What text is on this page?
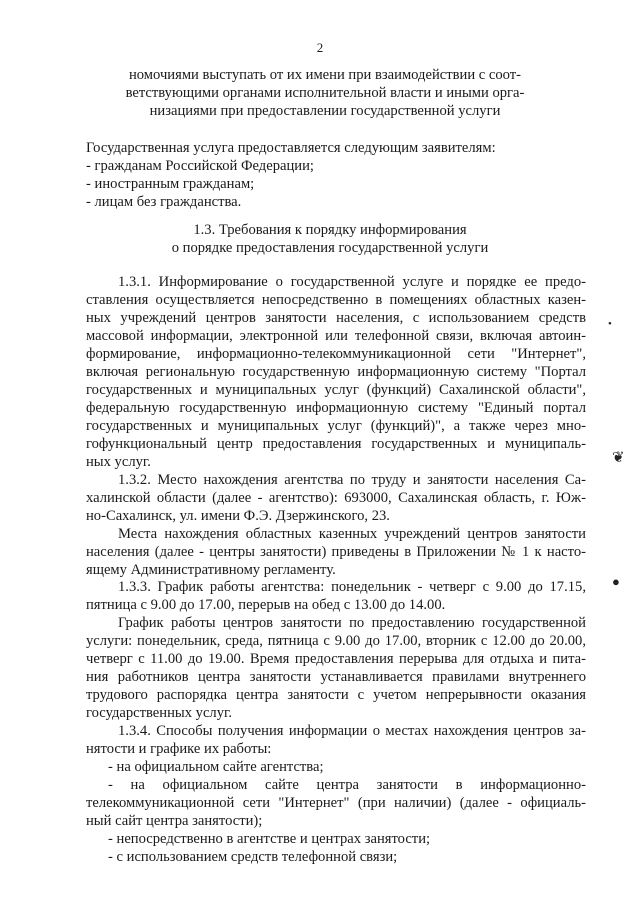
2
номочиями выступать от их имени при взаимодействии с соот-
ветствующими органами исполнительной власти и иными орга-
низациями при предоставлении государственной услуги
Государственная услуга предоставляется следующим заявителям:
- гражданам Российской Федерации;
- иностранным гражданам;
- лицам без гражданства.
1.3. Требования к порядку информирования
о порядке предоставления государственной услуги
1.3.1. Информирование о государственной услуге и порядке ее предо-
ставления осуществляется непосредственно в помещениях областных казен-
ных учреждений центров занятости населения, с использованием средств
массовой информации, электронной или телефонной связи, включая автоин-
формирование, информационно-телекоммуникационной сети "Интернет",
включая региональную государственную информационную систему "Портал
государственных и муниципальных услуг (функций) Сахалинской области",
федеральную государственную информационную систему "Единый портал
государственных и муниципальных услуг (функций)", а также через мно-
гофункциональный центр предоставления государственных и муниципаль-
ных услуг.
1.3.2. Место нахождения агентства по труду и занятости населения Са-
халинской области (далее - агентство): 693000, Сахалинская область, г. Юж-
но-Сахалинск, ул. имени Ф.Э. Дзержинского, 23.
Места нахождения областных казенных учреждений центров занятости
населения (далее - центры занятости) приведены в Приложении № 1 к насто-
ящему Административному регламенту.
1.3.3. График работы агентства: понедельник - четверг с 9.00 до 17.15,
пятница с 9.00 до 17.00, перерыв на обед с 13.00 до 14.00.
График работы центров занятости по предоставлению государственной
услуги: понедельник, среда, пятница с 9.00 до 17.00, вторник с 12.00 до 20.00,
четверг с 11.00 до 19.00. Время предоставления перерыва для отдыха и пита-
ния работников центра занятости устанавливается правилами внутреннего
трудового распорядка центра занятости с учетом непрерывности оказания
государственных услуг.
1.3.4. Способы получения информации о местах нахождения центров за-
нятости и графике их работы:
- на официальном сайте агентства;
- на официальном сайте центра занятости в информационно-
телекоммуникационной сети "Интернет" (при наличии) (далее - официаль-
ный сайт центра занятости);
- непосредственно в агентстве и центрах занятости;
- с использованием средств телефонной связи;
•
❦
●
